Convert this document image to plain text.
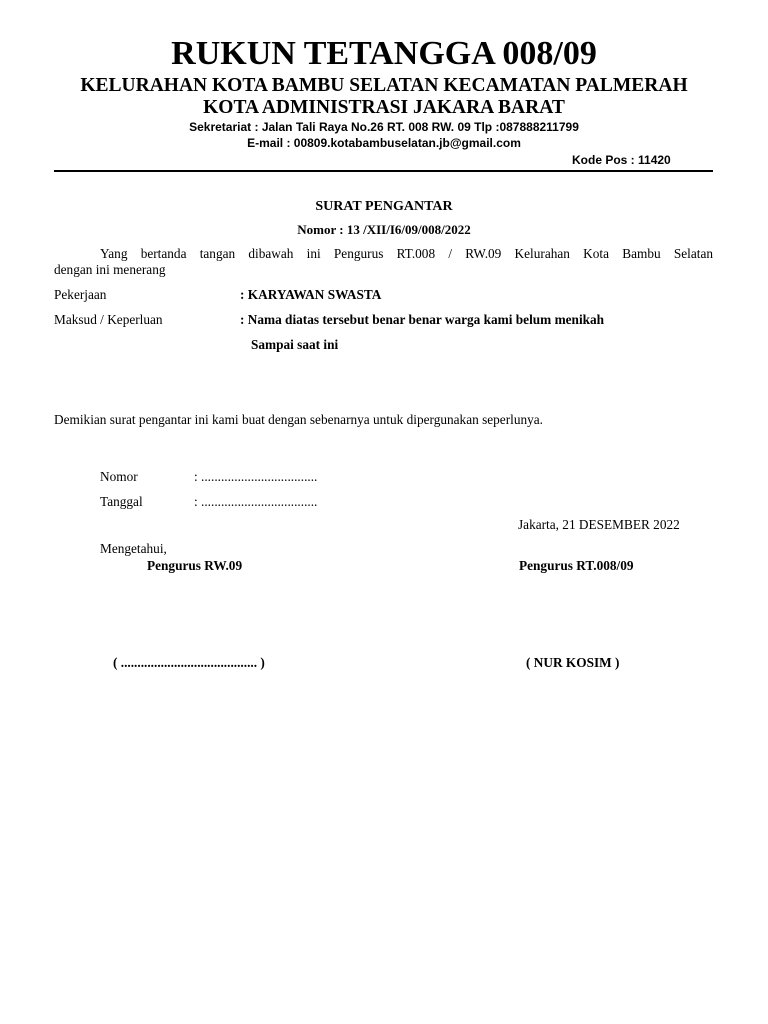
RUKUN TETANGGA 008/09
KELURAHAN KOTA BAMBU SELATAN KECAMATAN PALMERAH
KOTA ADMINISTRASI JAKARA BARAT
Sekretariat : Jalan Tali Raya No.26 RT. 008 RW. 09 Tlp :087888211799
E-mail : 00809.kotabambuselatan.jb@gmail.com
Kode Pos : 11420
SURAT PENGANTAR
Nomor : 13 /XII/I6/09/008/2022
Yang bertanda tangan dibawah ini Pengurus RT.008 / RW.09 Kelurahan Kota Bambu Selatan
dengan ini menerang
Pekerjaan	: KARYAWAN SWASTA
Maksud / Keperluan	: Nama diatas tersebut benar benar warga kami belum menikah
Sampai saat ini
Demikian surat pengantar ini kami buat dengan sebenarnya untuk dipergunakan seperlunya.
Nomor	: ...................................
Tanggal	: ...................................
Jakarta, 21 DESEMBER 2022
Mengetahui,
Pengurus RW.09	Pengurus RT.008/09
( ......................................... )	( NUR KOSIM )
